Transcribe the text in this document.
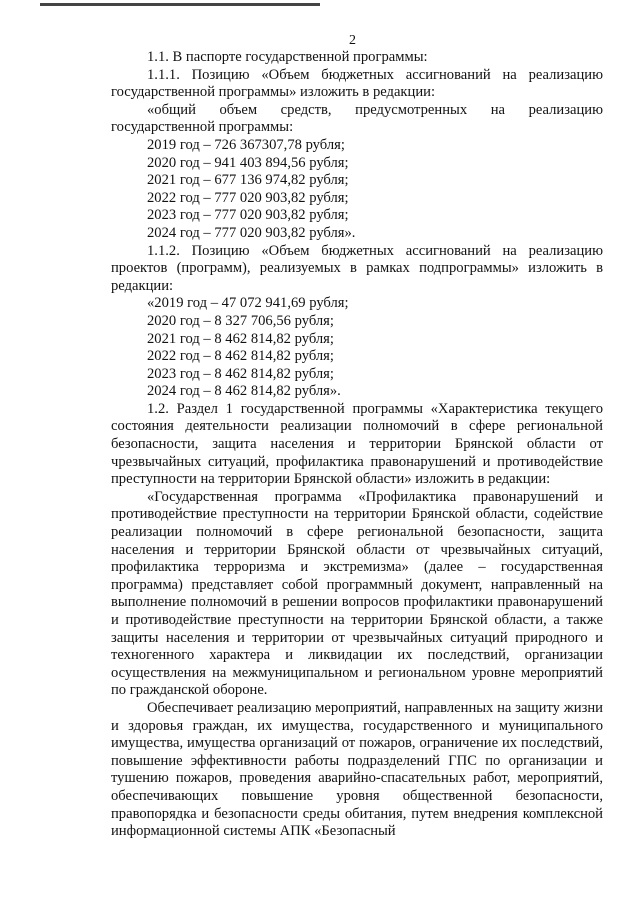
2

1.1. В паспорте государственной программы:

1.1.1. Позицию «Объем бюджетных ассигнований на реализацию государственной программы» изложить в редакции:

«общий объем средств, предусмотренных на реализацию государственной программы:

2019 год – 726 367307,78 рубля;

2020 год – 941 403 894,56 рубля;

2021 год – 677 136 974,82 рубля;

2022 год – 777 020 903,82 рубля;

2023 год – 777 020 903,82 рубля;

2024 год – 777 020 903,82 рубля».

1.1.2. Позицию «Объем бюджетных ассигнований на реализацию проектов (программ), реализуемых в рамках подпрограммы» изложить в редакции:

«2019 год – 47 072 941,69 рубля;

2020 год – 8 327 706,56 рубля;

2021 год – 8 462 814,82 рубля;

2022 год – 8 462 814,82 рубля;

2023 год – 8 462 814,82 рубля;

2024 год – 8 462 814,82 рубля».

1.2. Раздел 1 государственной программы «Характеристика текущего состояния деятельности реализации полномочий в сфере региональной безопасности, защита населения и территории Брянской области от чрезвычайных ситуаций, профилактика правонарушений и противодействие преступности на территории Брянской области» изложить в редакции:

«Государственная программа «Профилактика правонарушений и противодействие преступности на территории Брянской области, содействие реализации полномочий в сфере региональной безопасности, защита населения и территории Брянской области от чрезвычайных ситуаций, профилактика терроризма и экстремизма» (далее – государственная программа) представляет собой программный документ, направленный на выполнение полномочий в решении вопросов профилактики правонарушений и противодействие преступности на территории Брянской области, а также защиты населения и территории от чрезвычайных ситуаций природного и техногенного характера и ликвидации их последствий, организации осуществления на межмуниципальном и региональном уровне мероприятий по гражданской обороне.

Обеспечивает реализацию мероприятий, направленных на защиту жизни и здоровья граждан, их имущества, государственного и муниципального имущества, имущества организаций от пожаров, ограничение их последствий, повышение эффективности работы подразделений ГПС по организации и тушению пожаров, проведения аварийно-спасательных работ, мероприятий, обеспечивающих повышение уровня общественной безопасности, правопорядка и безопасности среды обитания, путем внедрения комплексной информационной системы АПК «Безопасный
